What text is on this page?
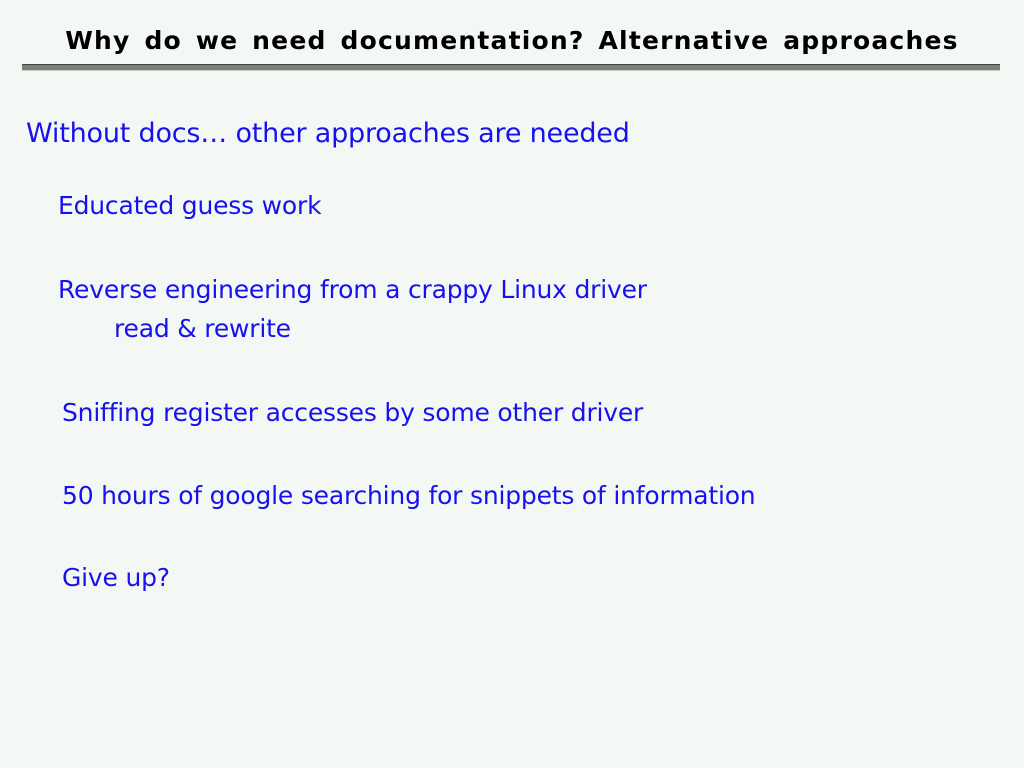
Why do we need documentation? Alternative approaches
Without docs… other approaches are needed
Educated guess work
Reverse engineering from a crappy Linux driver
read & rewrite
Sniffing register accesses by some other driver
50 hours of google searching for snippets of information
Give up?
